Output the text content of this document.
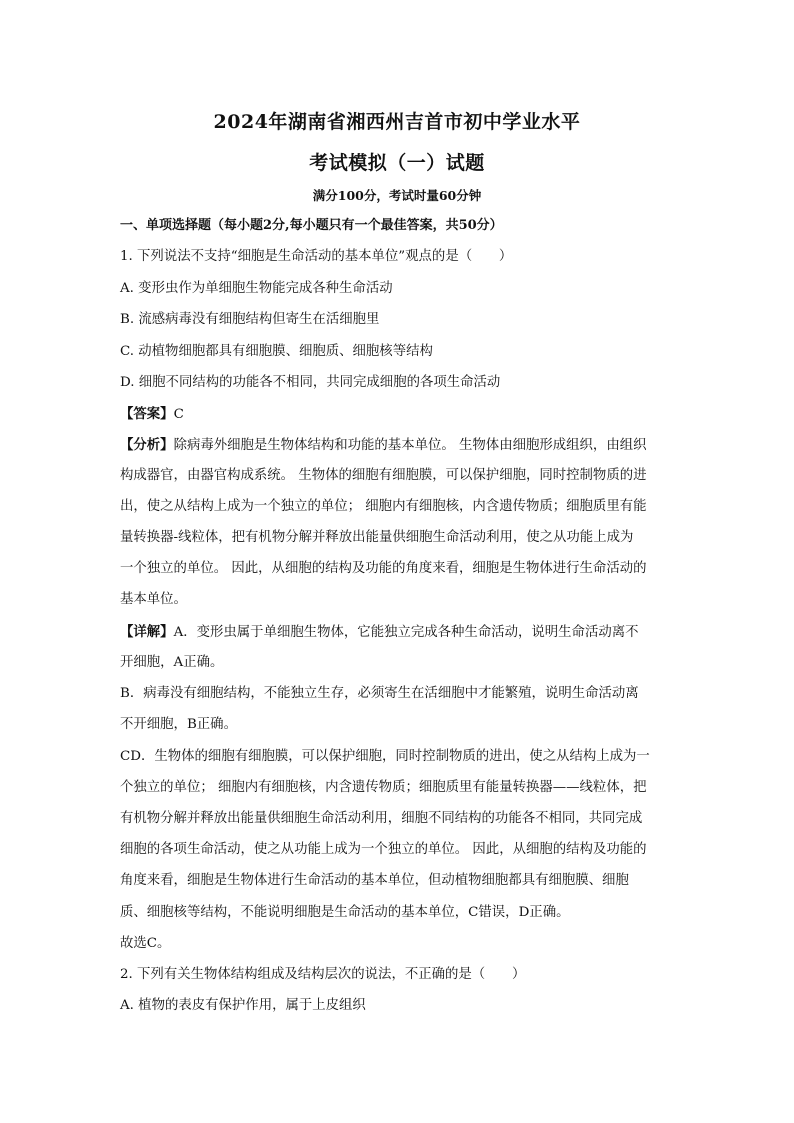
2024年湖南省湘西州吉首市初中学业水平
考试模拟（一）试题
满分100分，考试时量60分钟
一、单项选择题（每小题2分,每小题只有一个最佳答案，共50分）
1. 下列说法不支持“细胞是生命活动的基本单位”观点的是（　　）
A. 变形虫作为单细胞生物能完成各种生命活动
B. 流感病毒没有细胞结构但寄生在活细胞里
C. 动植物细胞都具有细胞膜、细胞质、细胞核等结构
D. 细胞不同结构的功能各不相同，共同完成细胞的各项生命活动
【答案】C
【分析】除病毒外细胞是生物体结构和功能的基本单位。 生物体由细胞形成组织，由组织
构成器官，由器官构成系统。 生物体的细胞有细胞膜，可以保护细胞，同时控制物质的进
出，使之从结构上成为一个独立的单位； 细胞内有细胞核，内含遗传物质；细胞质里有能
量转换器-线粒体，把有机物分解并释放出能量供细胞生命活动利用，使之从功能上成为
一个独立的单位。 因此，从细胞的结构及功能的角度来看，细胞是生物体进行生命活动的
基本单位。
【详解】A．变形虫属于单细胞生物体，它能独立完成各种生命活动，说明生命活动离不
开细胞，A正确。
B．病毒没有细胞结构，不能独立生存，必须寄生在活细胞中才能繁殖，说明生命活动离
不开细胞，B正确。
CD．生物体的细胞有细胞膜，可以保护细胞，同时控制物质的进出，使之从结构上成为一
个独立的单位； 细胞内有细胞核，内含遗传物质；细胞质里有能量转换器——线粒体，把
有机物分解并释放出能量供细胞生命活动利用，细胞不同结构的功能各不相同，共同完成
细胞的各项生命活动，使之从功能上成为一个独立的单位。 因此，从细胞的结构及功能的
角度来看，细胞是生物体进行生命活动的基本单位，但动植物细胞都具有细胞膜、细胞
质、细胞核等结构，不能说明细胞是生命活动的基本单位，C错误，D正确。
故选C。
2. 下列有关生物体结构组成及结构层次的说法，不正确的是（　　）
A. 植物的表皮有保护作用，属于上皮组织
